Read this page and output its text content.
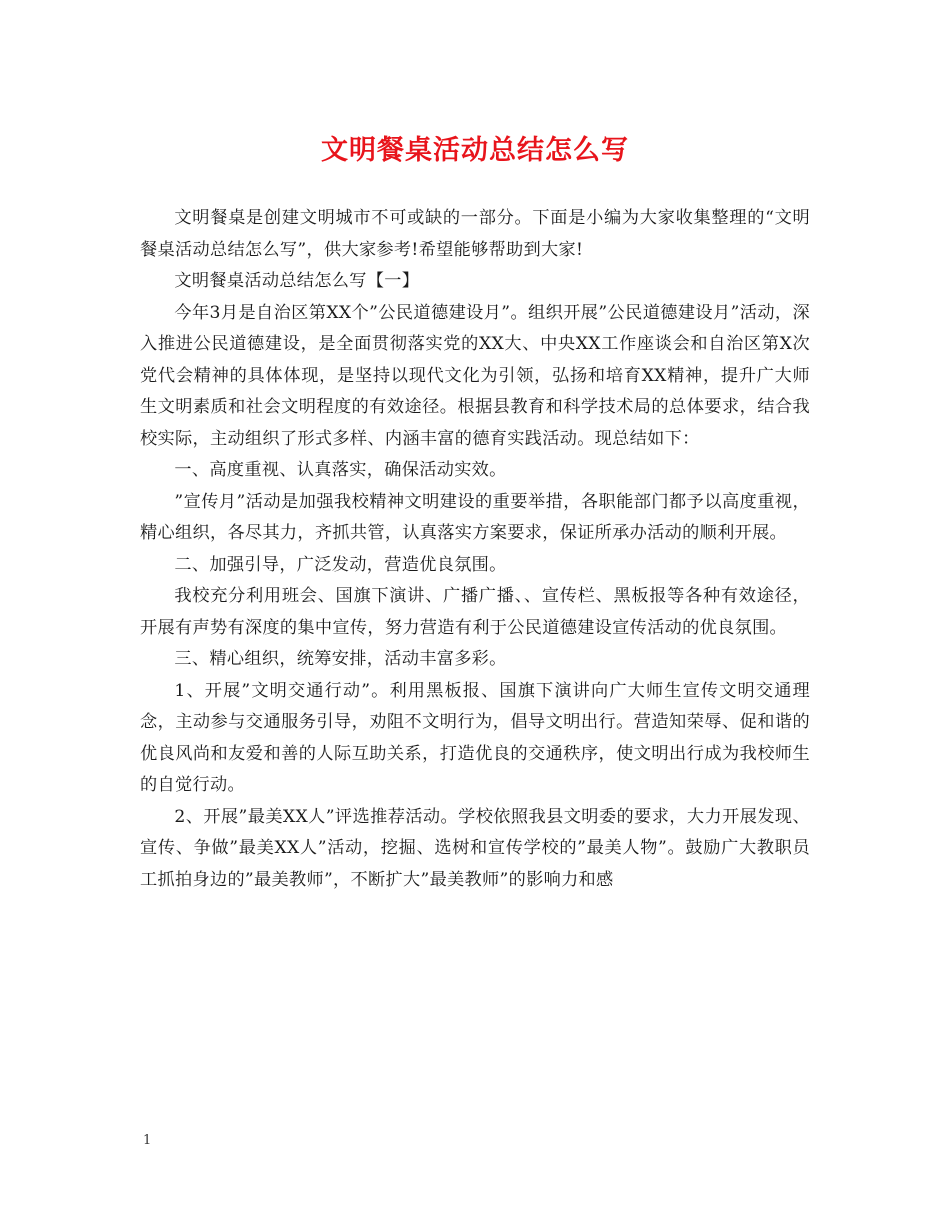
文明餐桌活动总结怎么写

文明餐桌是创建文明城市不可或缺的一部分。下面是小编为大家收集整理的“文明餐桌活动总结怎么写”，供大家参考!希望能够帮助到大家!

文明餐桌活动总结怎么写【一】

今年3月是自治区第XX个”公民道德建设月”。组织开展”公民道德建设月”活动，深入推进公民道德建设，是全面贯彻落实党的XX大、中央XX工作座谈会和自治区第X次党代会精神的具体体现，是坚持以现代文化为引领，弘扬和培育XX精神，提升广大师生文明素质和社会文明程度的有效途径。根据县教育和科学技术局的总体要求，结合我校实际，主动组织了形式多样、内涵丰富的德育实践活动。现总结如下：

一、高度重视、认真落实，确保活动实效。

”宣传月”活动是加强我校精神文明建设的重要举措，各职能部门都予以高度重视，精心组织，各尽其力，齐抓共管，认真落实方案要求，保证所承办活动的顺利开展。

二、加强引导，广泛发动，营造优良氛围。

我校充分利用班会、国旗下演讲、广播广播、、宣传栏、黑板报等各种有效途径，开展有声势有深度的集中宣传，努力营造有利于公民道德建设宣传活动的优良氛围。

三、精心组织，统筹安排，活动丰富多彩。

1、开展”文明交通行动”。利用黑板报、国旗下演讲向广大师生宣传文明交通理念，主动参与交通服务引导，劝阻不文明行为，倡导文明出行。营造知荣辱、促和谐的优良风尚和友爱和善的人际互助关系，打造优良的交通秩序，使文明出行成为我校师生的自觉行动。

2、开展”最美XX人”评选推荐活动。学校依照我县文明委的要求，大力开展发现、宣传、争做”最美XX人”活动，挖掘、选树和宣传学校的”最美人物”。鼓励广大教职员工抓拍身边的”最美教师”，不断扩大”最美教师”的影响力和感

1
